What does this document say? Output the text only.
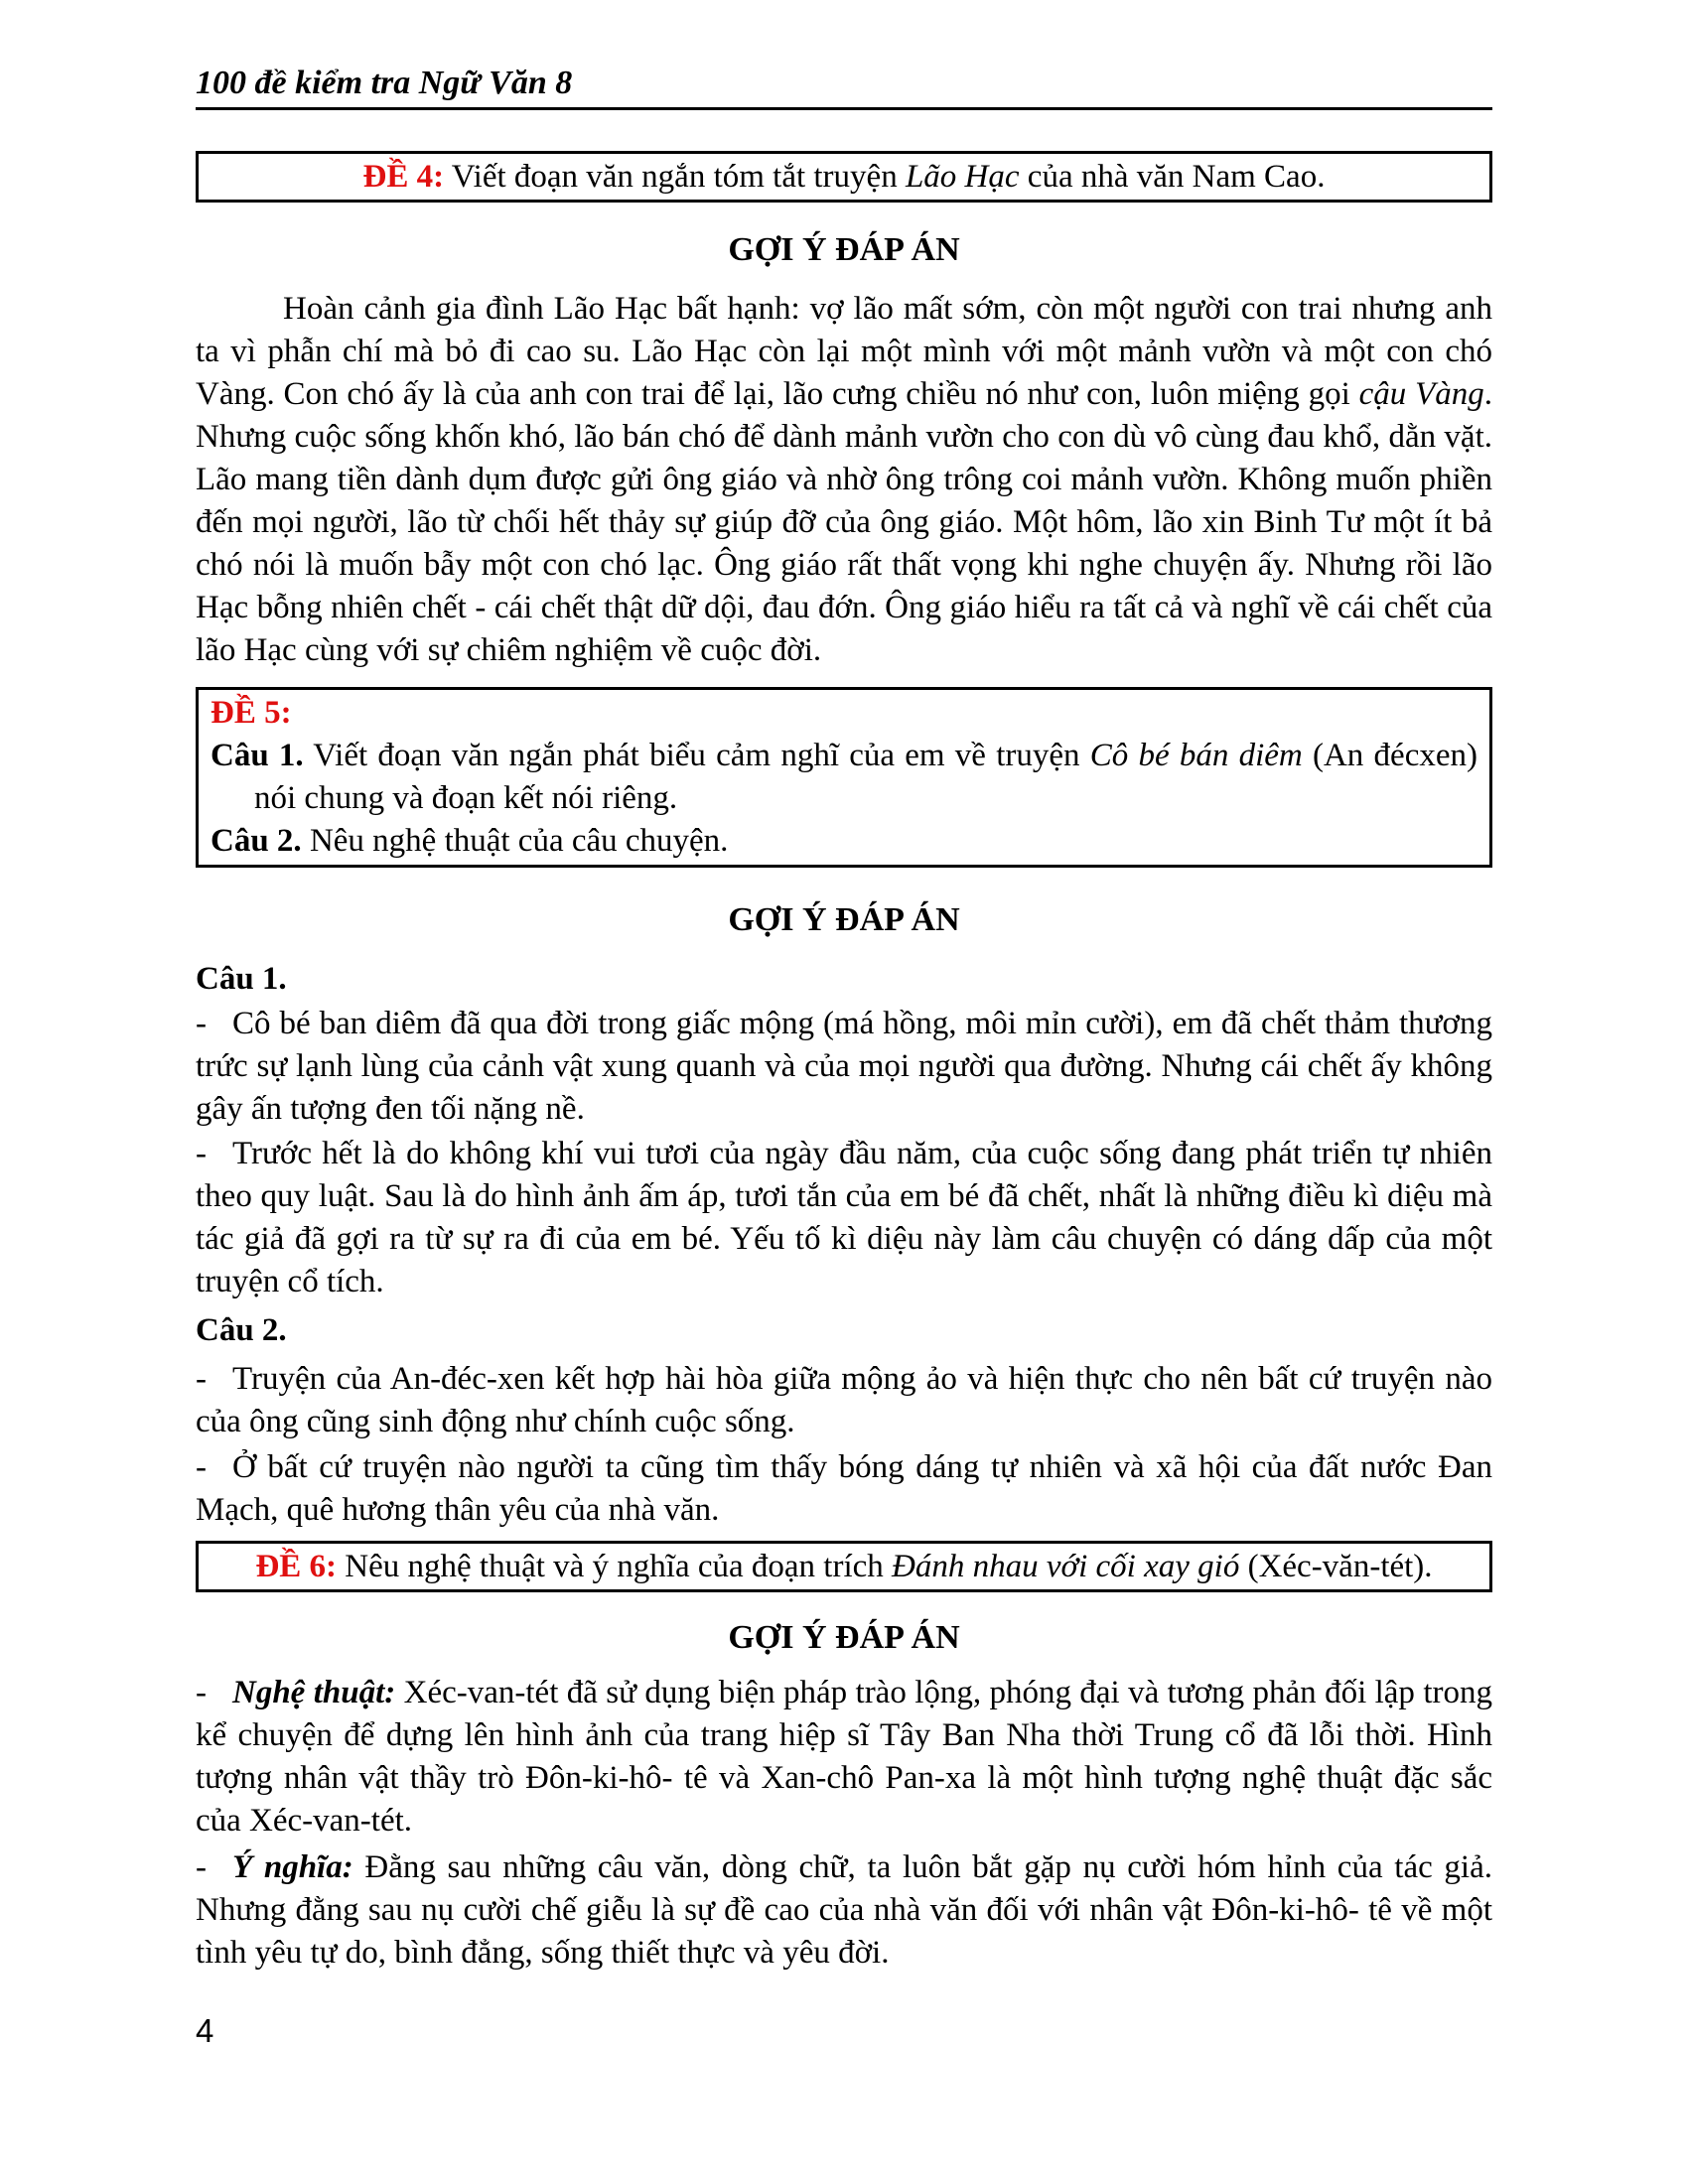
100 đề kiểm tra Ngữ Văn 8
ĐỀ 4: Viết đoạn văn ngắn tóm tắt truyện Lão Hạc của nhà văn Nam Cao.
GỢI Ý ĐÁP ÁN

Hoàn cảnh gia đình Lão Hạc bất hạnh: vợ lão mất sớm, còn một người con trai nhưng anh ta vì phẫn chí mà bỏ đi cao su. Lão Hạc còn lại một mình với một mảnh vườn và một con chó Vàng. Con chó ấy là của anh con trai để lại, lão cưng chiều nó như con, luôn miệng gọi cậu Vàng. Nhưng cuộc sống khốn khó, lão bán chó để dành mảnh vườn cho con dù vô cùng đau khổ, dằn vặt. Lão mang tiền dành dụm được gửi ông giáo và nhờ ông trông coi mảnh vườn. Không muốn phiền đến mọi người, lão từ chối hết thảy sự giúp đỡ của ông giáo. Một hôm, lão xin Binh Tư một ít bả chó nói là muốn bẫy một con chó lạc. Ông giáo rất thất vọng khi nghe chuyện ấy. Nhưng rồi lão Hạc bỗng nhiên chết - cái chết thật dữ dội, đau đớn. Ông giáo hiểu ra tất cả và nghĩ về cái chết của lão Hạc cùng với sự chiêm nghiệm về cuộc đời.

ĐỀ 5:
Câu 1. Viết đoạn văn ngắn phát biểu cảm nghĩ của em về truyện Cô bé bán diêm (An đécxen) nói chung và đoạn kết nói riêng.
Câu 2. Nêu nghệ thuật của câu chuyện.
GỢI Ý ĐÁP ÁN
Câu 1.

- Cô bé ban diêm đã qua đời trong giấc mộng (má hồng, môi mỉn cười), em đã chết thảm thương trức sự lạnh lùng của cảnh vật xung quanh và của mọi người qua đường. Nhưng cái chết ấy không gây ấn tượng đen tối nặng nề.

- Trước hết là do không khí vui tươi của ngày đầu năm, của cuộc sống đang phát triển tự nhiên theo quy luật. Sau là do hình ảnh ấm áp, tươi tắn của em bé đã chết, nhất là những điều kì diệu mà tác giả đã gợi ra từ sự ra đi của em bé. Yếu tố kì diệu này làm câu chuyện có dáng dấp của một truyện cổ tích.

Câu 2.

- Truyện của An-đéc-xen kết hợp hài hòa giữa mộng ảo và hiện thực cho nên bất cứ truyện nào của ông cũng sinh động như chính cuộc sống.

- Ở bất cứ truyện nào người ta cũng tìm thấy bóng dáng tự nhiên và xã hội của đất nước Đan Mạch, quê hương thân yêu của nhà văn.

ĐỀ 6: Nêu nghệ thuật và ý nghĩa của đoạn trích Đánh nhau với cối xay gió (Xéc-văn-tét).
GỢI Ý ĐÁP ÁN

- Nghệ thuật: Xéc-van-tét đã sử dụng biện pháp trào lộng, phóng đại và tương phản đối lập trong kể chuyện để dựng lên hình ảnh của trang hiệp sĩ Tây Ban Nha thời Trung cổ đã lỗi thời. Hình tượng nhân vật thầy trò Đôn-ki-hô- tê và Xan-chô Pan-xa là một hình tượng nghệ thuật đặc sắc của Xéc-van-tét.

- Ý nghĩa: Đằng sau những câu văn, dòng chữ, ta luôn bắt gặp nụ cười hóm hỉnh của tác giả. Nhưng đằng sau nụ cười chế giễu là sự đề cao của nhà văn đối với nhân vật Đôn-ki-hô- tê về một tình yêu tự do, bình đẳng, sống thiết thực và yêu đời.

4
